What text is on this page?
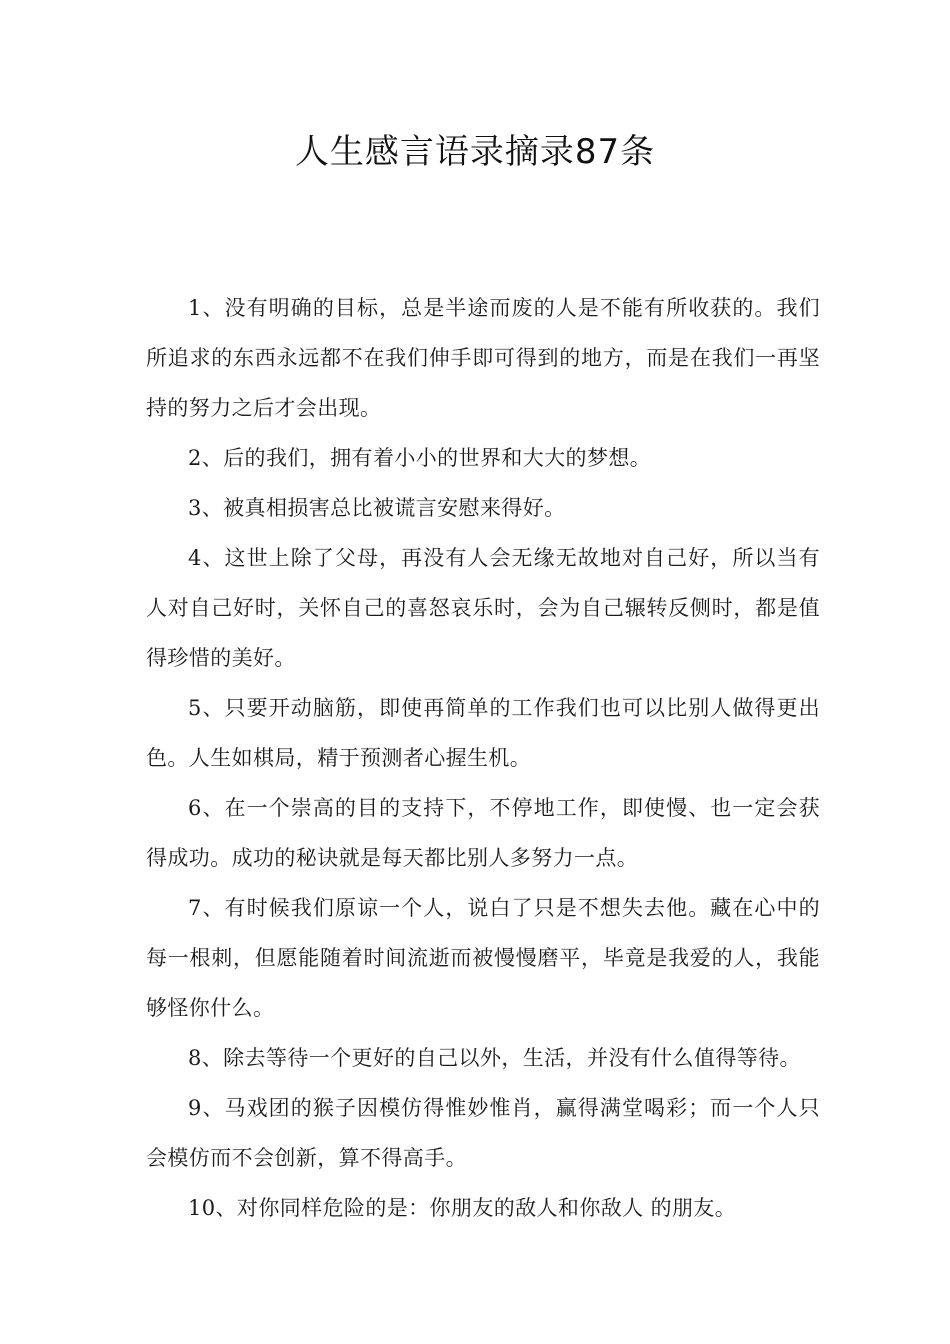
人生感言语录摘录87条

1、没有明确的目标，总是半途而废的人是不能有所收获的。我们所追求的东西永远都不在我们伸手即可得到的地方，而是在我们一再坚持的努力之后才会出现。

2、后的我们，拥有着小小的世界和大大的梦想。

3、被真相损害总比被谎言安慰来得好。

4、这世上除了父母，再没有人会无缘无故地对自己好，所以当有人对自己好时，关怀自己的喜怒哀乐时，会为自己辗转反侧时，都是值得珍惜的美好。

5、只要开动脑筋，即使再简单的工作我们也可以比别人做得更出色。人生如棋局，精于预测者心握生机。

6、在一个崇高的目的支持下，不停地工作，即使慢、也一定会获得成功。成功的秘诀就是每天都比别人多努力一点。

7、有时候我们原谅一个人，说白了只是不想失去他。藏在心中的每一根刺，但愿能随着时间流逝而被慢慢磨平，毕竟是我爱的人，我能够怪你什么。

8、除去等待一个更好的自己以外，生活，并没有什么值得等待。

9、马戏团的猴子因模仿得惟妙惟肖，赢得满堂喝彩；而一个人只会模仿而不会创新，算不得高手。

10、对你同样危险的是：你朋友的敌人和你敌人 的朋友。
